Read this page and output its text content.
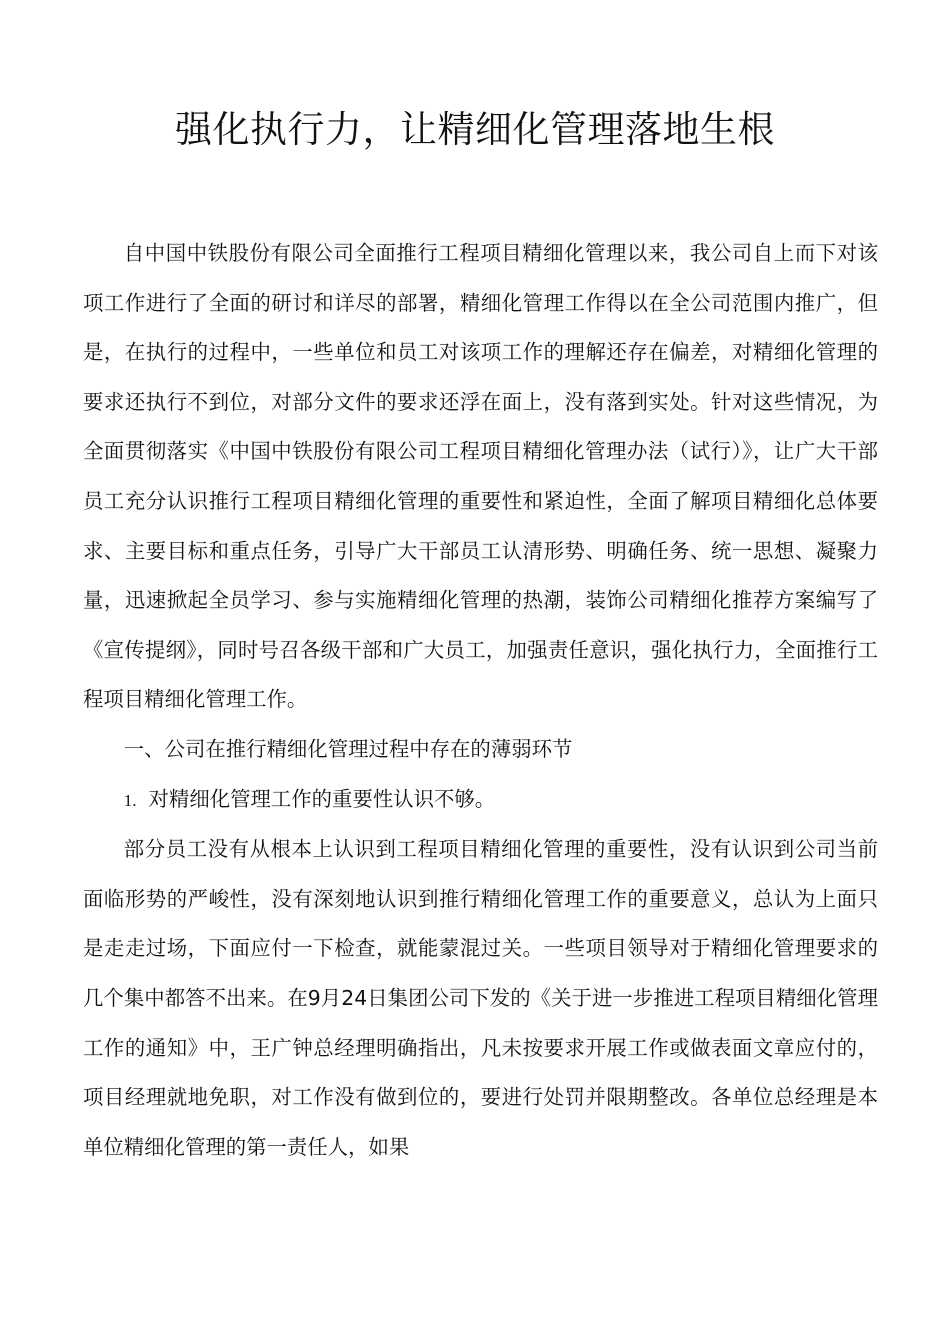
强化执行力，让精细化管理落地生根

自中国中铁股份有限公司全面推行工程项目精细化管理以来，我公司自上而下对该项工作进行了全面的研讨和详尽的部署，精细化管理工作得以在全公司范围内推广，但是，在执行的过程中，一些单位和员工对该项工作的理解还存在偏差，对精细化管理的要求还执行不到位，对部分文件的要求还浮在面上，没有落到实处。针对这些情况，为全面贯彻落实《中国中铁股份有限公司工程项目精细化管理办法（试行）》，让广大干部员工充分认识推行工程项目精细化管理的重要性和紧迫性，全面了解项目精细化总体要求、主要目标和重点任务，引导广大干部员工认清形势、明确任务、统一思想、凝聚力量，迅速掀起全员学习、参与实施精细化管理的热潮，装饰公司精细化推荐方案编写了《宣传提纲》，同时号召各级干部和广大员工，加强责任意识，强化执行力，全面推行工程项目精细化管理工作。

一、公司在推行精细化管理过程中存在的薄弱环节

1. 对精细化管理工作的重要性认识不够。

部分员工没有从根本上认识到工程项目精细化管理的重要性，没有认识到公司当前面临形势的严峻性，没有深刻地认识到推行精细化管理工作的重要意义，总认为上面只是走走过场，下面应付一下检查，就能蒙混过关。一些项目领导对于精细化管理要求的几个集中都答不出来。在9月24日集团公司下发的《关于进一步推进工程项目精细化管理工作的通知》中，王广钟总经理明确指出，凡未按要求开展工作或做表面文章应付的，项目经理就地免职，对工作没有做到位的，要进行处罚并限期整改。各单位总经理是本单位精细化管理的第一责任人，如果
